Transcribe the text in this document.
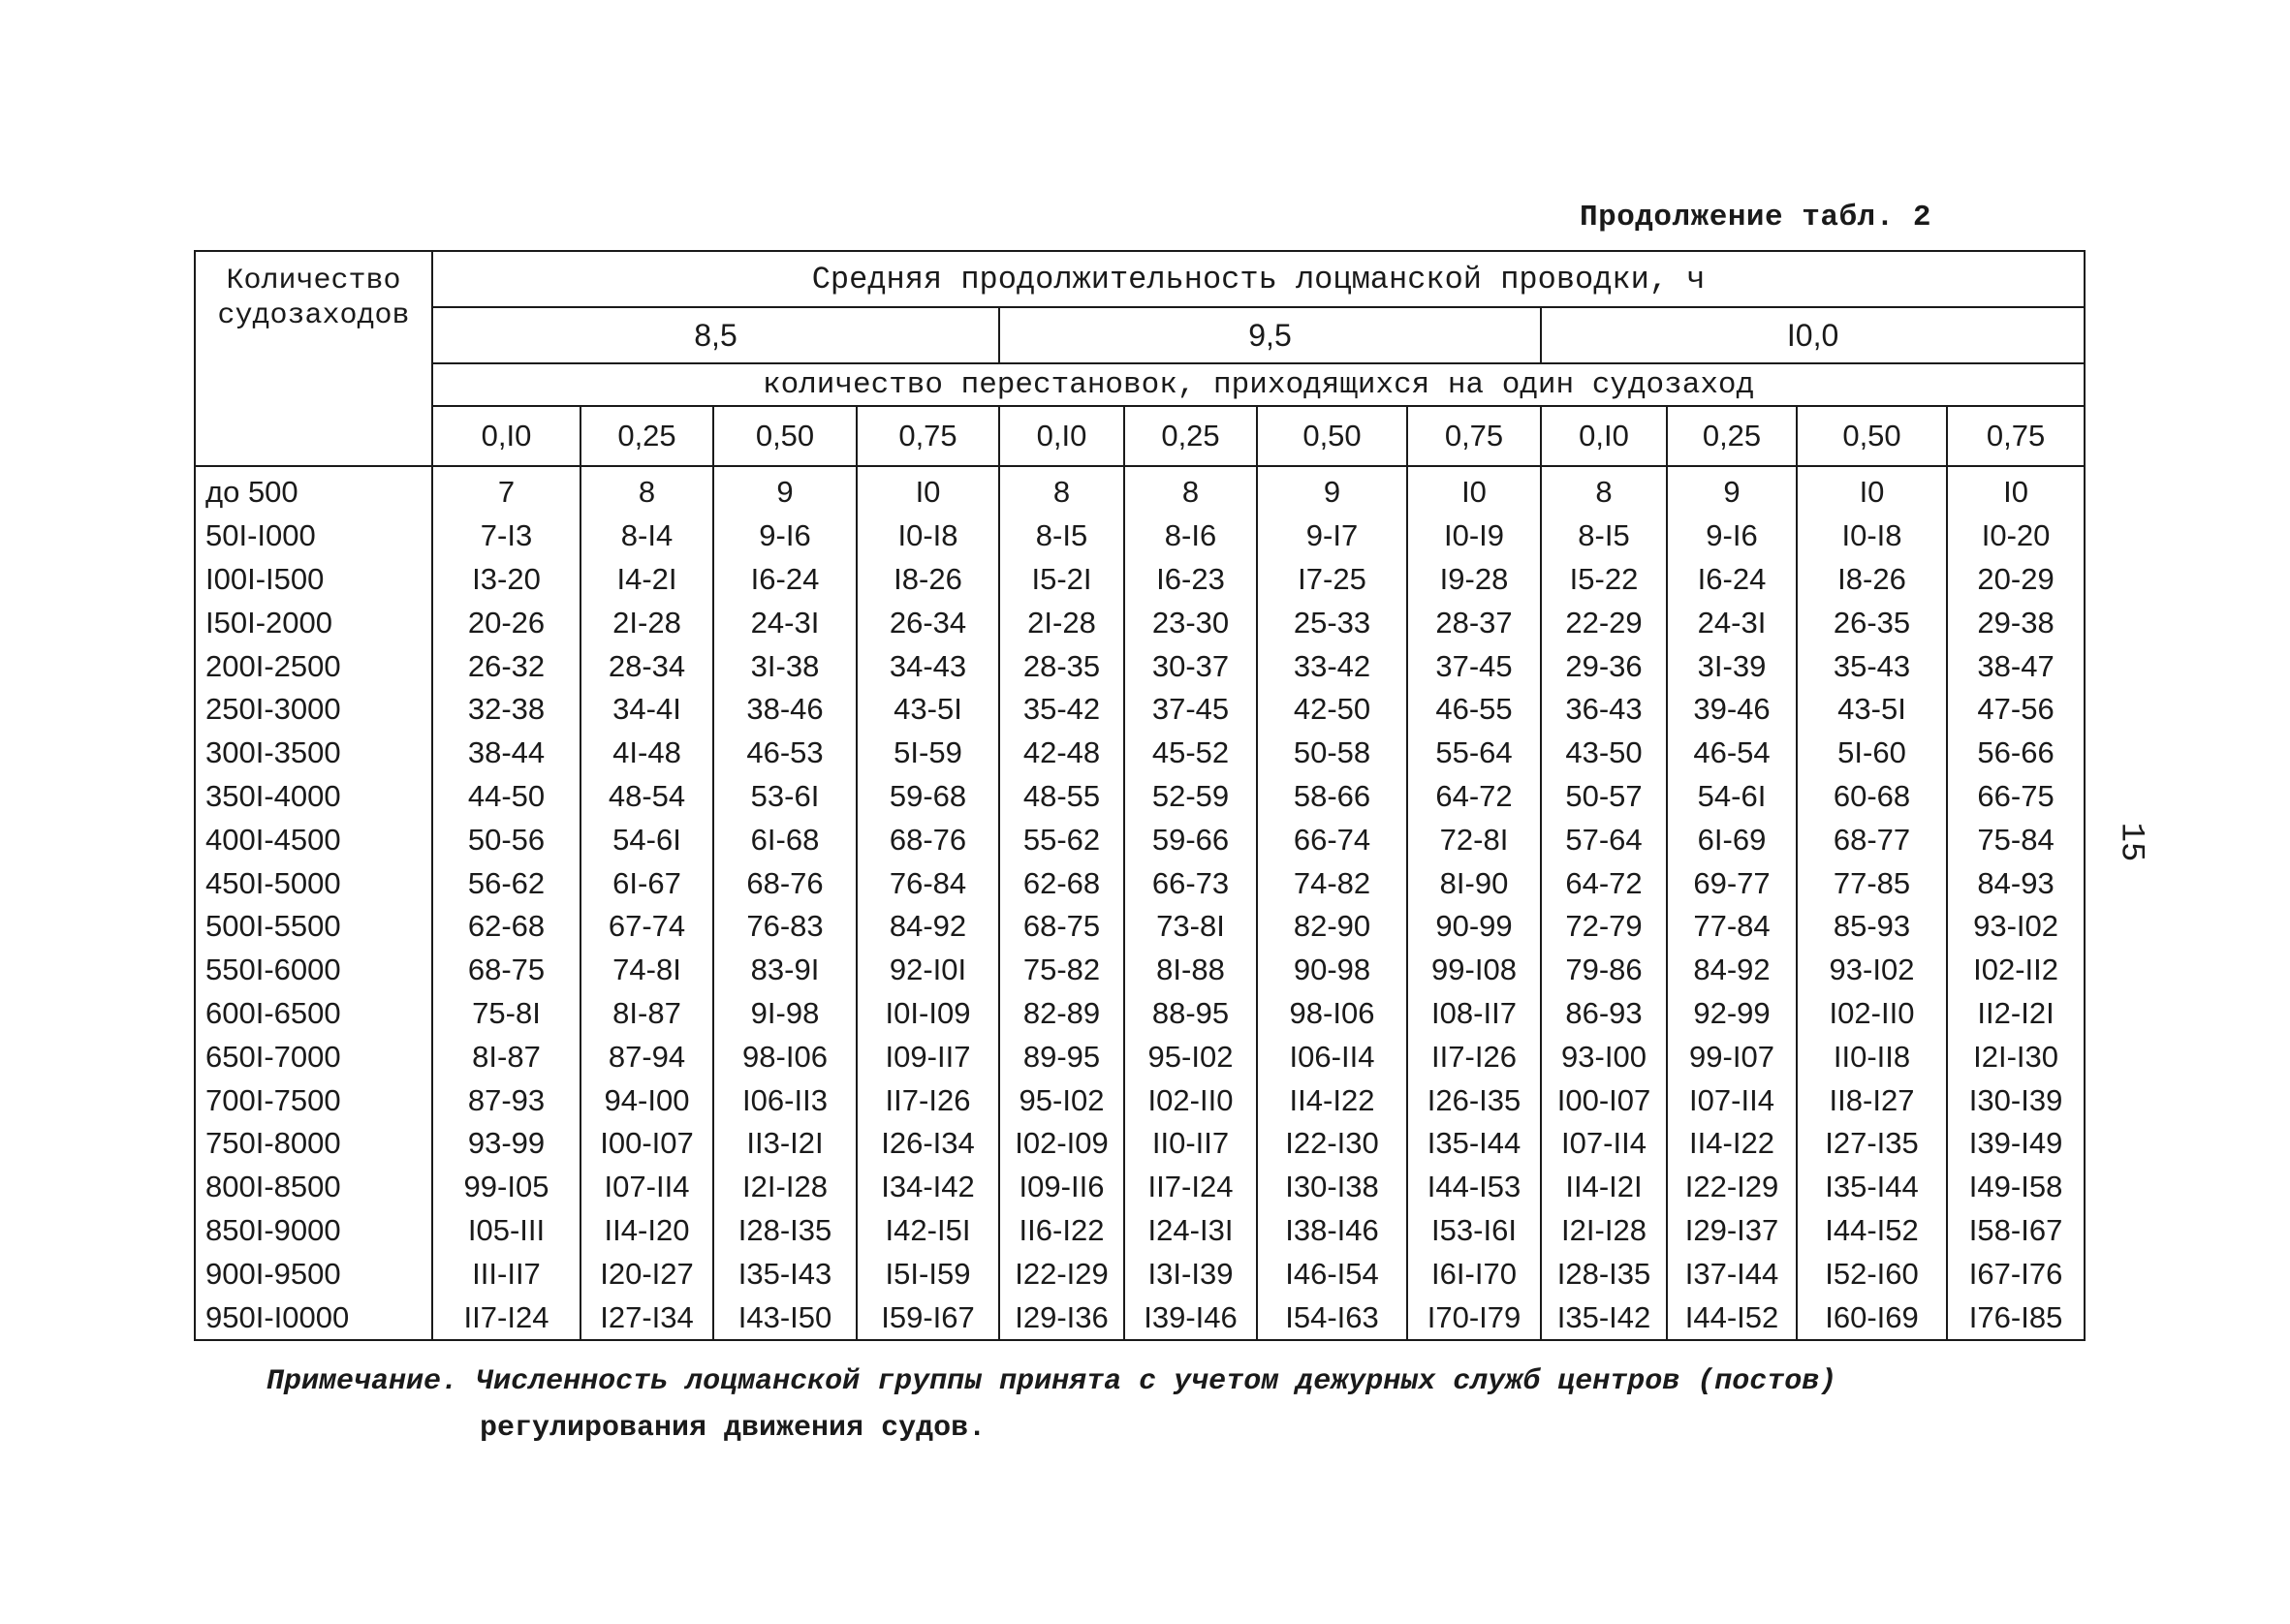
Продолжение табл. 2
15
Количество судозаходов	Средняя продолжительность лоцманской проводки, ч											
	8,5				9,5				I0,0			
	количество перестановок, приходящихся на один судозаход											
	0,I0	0,25	0,50	0,75	0,I0	0,25	0,50	0,75	0,I0	0,25	0,50	0,75
до 500	7	8	9	I0	8	8	9	I0	8	9	I0	I0
50I-I000	7-I3	8-I4	9-I6	I0-I8	8-I5	8-I6	9-I7	I0-I9	8-I5	9-I6	I0-I8	I0-20
I00I-I500	I3-20	I4-2I	I6-24	I8-26	I5-2I	I6-23	I7-25	I9-28	I5-22	I6-24	I8-26	20-29
I50I-2000	20-26	2I-28	24-3I	26-34	2I-28	23-30	25-33	28-37	22-29	24-3I	26-35	29-38
200I-2500	26-32	28-34	3I-38	34-43	28-35	30-37	33-42	37-45	29-36	3I-39	35-43	38-47
250I-3000	32-38	34-4I	38-46	43-5I	35-42	37-45	42-50	46-55	36-43	39-46	43-5I	47-56
300I-3500	38-44	4I-48	46-53	5I-59	42-48	45-52	50-58	55-64	43-50	46-54	5I-60	56-66
350I-4000	44-50	48-54	53-6I	59-68	48-55	52-59	58-66	64-72	50-57	54-6I	60-68	66-75
400I-4500	50-56	54-6I	6I-68	68-76	55-62	59-66	66-74	72-8I	57-64	6I-69	68-77	75-84
450I-5000	56-62	6I-67	68-76	76-84	62-68	66-73	74-82	8I-90	64-72	69-77	77-85	84-93
500I-5500	62-68	67-74	76-83	84-92	68-75	73-8I	82-90	90-99	72-79	77-84	85-93	93-I02
550I-6000	68-75	74-8I	83-9I	92-I0I	75-82	8I-88	90-98	99-I08	79-86	84-92	93-I02	I02-II2
600I-6500	75-8I	8I-87	9I-98	I0I-I09	82-89	88-95	98-I06	I08-II7	86-93	92-99	I02-II0	II2-I2I
650I-7000	8I-87	87-94	98-I06	I09-II7	89-95	95-I02	I06-II4	II7-I26	93-I00	99-I07	II0-II8	I2I-I30
700I-7500	87-93	94-I00	I06-II3	II7-I26	95-I02	I02-II0	II4-I22	I26-I35	I00-I07	I07-II4	II8-I27	I30-I39
750I-8000	93-99	I00-I07	II3-I2I	I26-I34	I02-I09	II0-II7	I22-I30	I35-I44	I07-II4	II4-I22	I27-I35	I39-I49
800I-8500	99-I05	I07-II4	I2I-I28	I34-I42	I09-II6	II7-I24	I30-I38	I44-I53	II4-I2I	I22-I29	I35-I44	I49-I58
850I-9000	I05-III	II4-I20	I28-I35	I42-I5I	II6-I22	I24-I3I	I38-I46	I53-I6I	I2I-I28	I29-I37	I44-I52	I58-I67
900I-9500	III-II7	I20-I27	I35-I43	I5I-I59	I22-I29	I3I-I39	I46-I54	I6I-I70	I28-I35	I37-I44	I52-I60	I67-I76
950I-I0000	II7-I24	I27-I34	I43-I50	I59-I67	I29-I36	I39-I46	I54-I63	I70-I79	I35-I42	I44-I52	I60-I69	I76-I85
Примечание. Численность лоцманской группы принята с учетом дежурных служб центров (постов)
регулирования движения судов.
